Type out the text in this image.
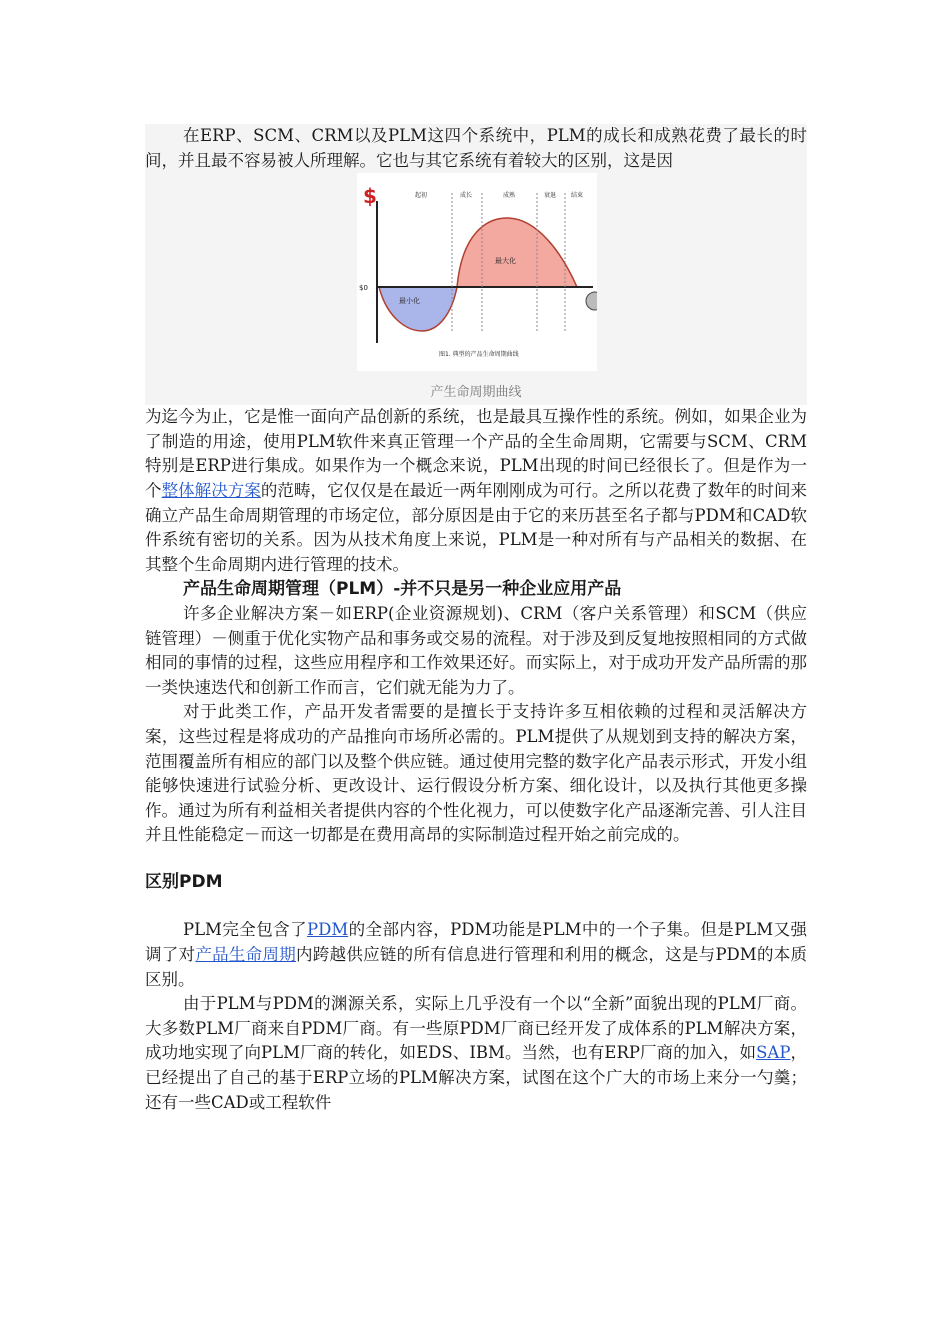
在ERP、SCM、CRM以及PLM这四个系统中，PLM的成长和成熟花费了最长的时间，并且最不容易被人所理解。它也与其它系统有着较大的区别，这是因

$
$0
起初	成长	成熟	衰退 结束
最大化
最小化
图1. 典型的产品生命周期曲线
产生命周期曲线

为迄今为止，它是惟一面向产品创新的系统，也是最具互操作性的系统。例如，如果企业为了制造的用途，使用PLM软件来真正管理一个产品的全生命周期，它需要与SCM、CRM特别是ERP进行集成。如果作为一个概念来说，PLM出现的时间已经很长了。但是作为一个整体解决方案的范畴，它仅仅是在最近一两年刚刚成为可行。之所以花费了数年的时间来确立产品生命周期管理的市场定位，部分原因是由于它的来历甚至名子都与PDM和CAD软件系统有密切的关系。因为从技术角度上来说，PLM是一种对所有与产品相关的数据、在其整个生命周期内进行管理的技术。

产品生命周期管理（PLM）-并不只是另一种企业应用产品

许多企业解决方案－如ERP(企业资源规划)、CRM（客户关系管理）和SCM（供应链管理）－侧重于优化实物产品和事务或交易的流程。对于涉及到反复地按照相同的方式做相同的事情的过程，这些应用程序和工作效果还好。而实际上，对于成功开发产品所需的那一类快速迭代和创新工作而言，它们就无能为力了。

对于此类工作，产品开发者需要的是擅长于支持许多互相依赖的过程和灵活解决方案，这些过程是将成功的产品推向市场所必需的。PLM提供了从规划到支持的解决方案，范围覆盖所有相应的部门以及整个供应链。通过使用完整的数字化产品表示形式，开发小组能够快速进行试验分析、更改设计、运行假设分析方案、细化设计，以及执行其他更多操作。通过为所有利益相关者提供内容的个性化视力，可以使数字化产品逐渐完善、引人注目并且性能稳定－而这一切都是在费用高昂的实际制造过程开始之前完成的。

区别PDM

PLM完全包含了PDM的全部内容，PDM功能是PLM中的一个子集。但是PLM又强调了对产品生命周期内跨越供应链的所有信息进行管理和利用的概念，这是与PDM的本质区别。

由于PLM与PDM的渊源关系，实际上几乎没有一个以“全新”面貌出现的PLM厂商。大多数PLM厂商来自PDM厂商。有一些原PDM厂商已经开发了成体系的PLM解决方案，成功地实现了向PLM厂商的转化，如EDS、IBM。当然，也有ERP厂商的加入，如SAP，已经提出了自己的基于ERP立场的PLM解决方案，试图在这个广大的市场上来分一勺羹；还有一些CAD或工程软件
